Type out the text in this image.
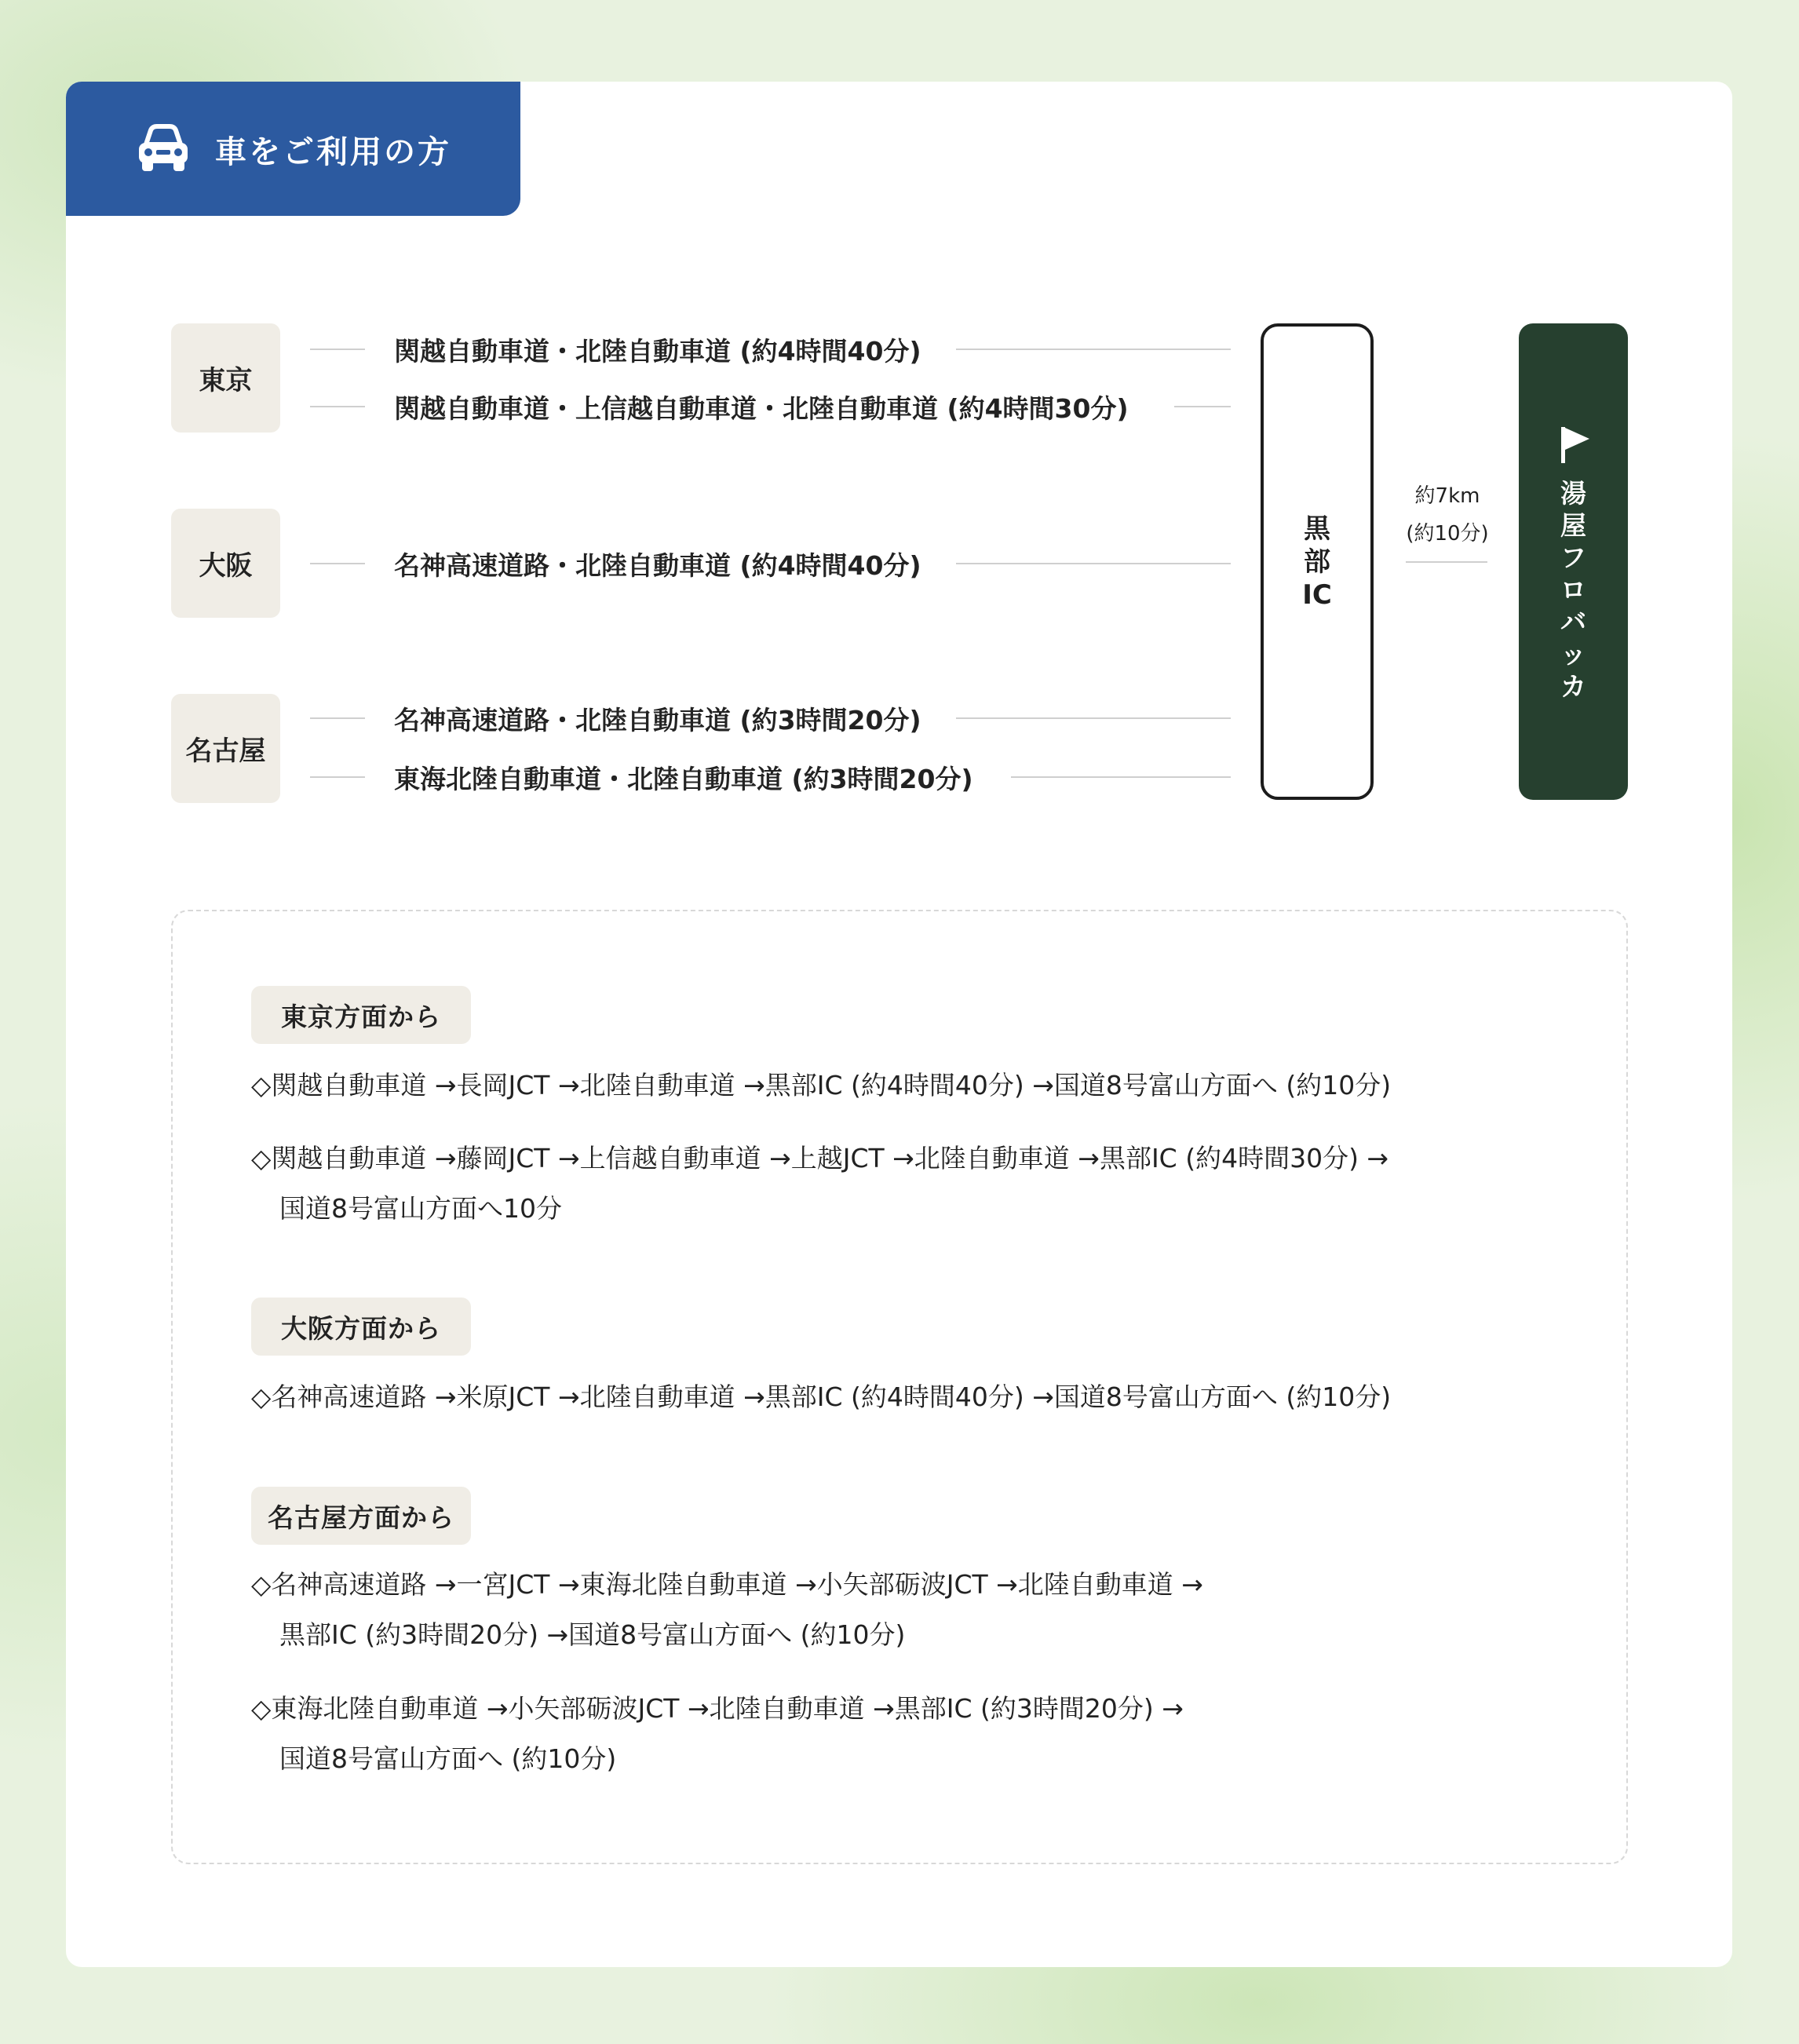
車をご利用の方
東京
大阪
名古屋
関越自動車道・北陸自動車道 (約4時間40分)
関越自動車道・上信越自動車道・北陸自動車道 (約4時間30分)
名神高速道路・北陸自動車道 (約4時間40分)
名神高速道路・北陸自動車道 (約3時間20分)
東海北陸自動車道・北陸自動車道 (約3時間20分)
黒部IC
約7km
(約10分)
湯
屋
フ
ロ
バ
ッ
カ
東京方面から
◇関越自動車道 →長岡JCT →北陸自動車道 →黒部IC (約4時間40分) →国道8号富山方面へ (約10分)
◇関越自動車道 →藤岡JCT →上信越自動車道 →上越JCT →北陸自動車道 →黒部IC (約4時間30分) →
国道8号富山方面へ10分
大阪方面から
◇名神高速道路 →米原JCT →北陸自動車道 →黒部IC (約4時間40分) →国道8号富山方面へ (約10分)
名古屋方面から
◇名神高速道路 →一宮JCT →東海北陸自動車道 →小矢部砺波JCT →北陸自動車道 →
黒部IC (約3時間20分) →国道8号富山方面へ (約10分)
◇東海北陸自動車道 →小矢部砺波JCT →北陸自動車道 →黒部IC (約3時間20分) →
国道8号富山方面へ (約10分)
